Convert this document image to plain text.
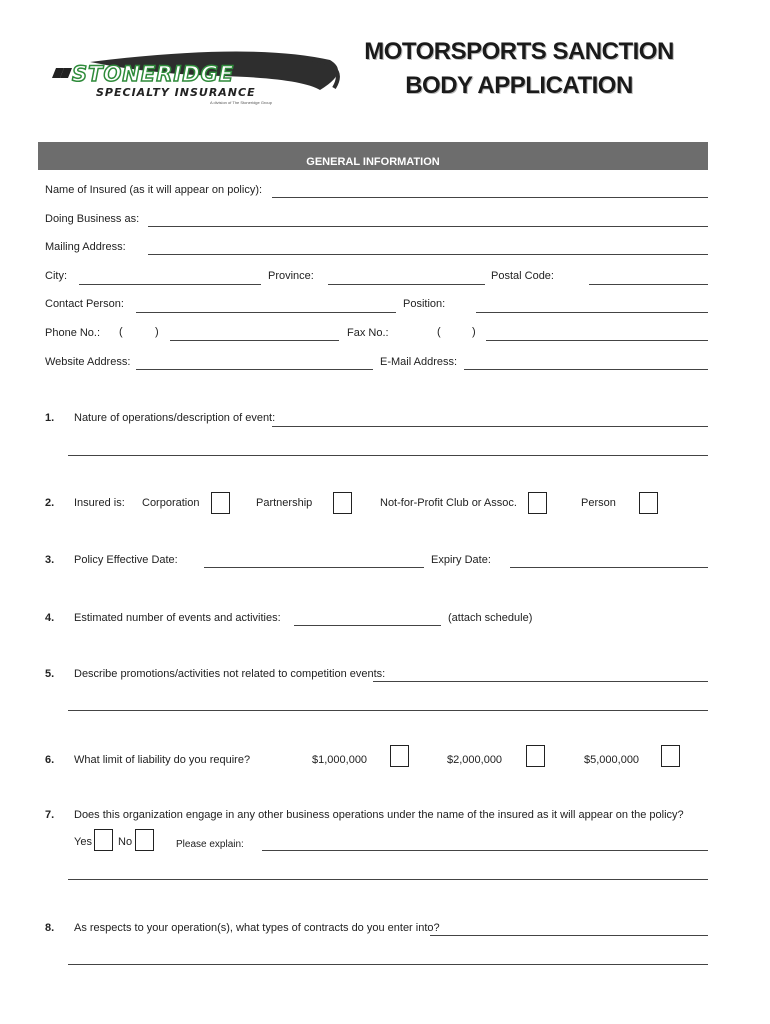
STONERIDGE
SPECIALTY INSURANCE
A division of The Stoneridge Group
MOTORSPORTS SANCTION
BODY APPLICATION
GENERAL INFORMATION
Name of Insured (as it will appear on policy):
Doing Business as:
Mailing Address:
City:	Province:	Postal Code:
Contact Person:	Position:
Phone No.: (	)	Fax No.:	(	)
Website Address:	E-Mail Address:
1. Nature of operations/description of event:
2. Insured is: Corporation	Partnership	Not-for-Profit Club or Assoc.	Person
3. Policy Effective Date:	Expiry Date:
4. Estimated number of events and activities:	(attach schedule)
5. Describe promotions/activities not related to competition events:
6. What limit of liability do you require?	$1,000,000	$2,000,000	$5,000,000
7. Does this organization engage in any other business operations under the name of the insured as it will appear on the policy?
Yes No	Please explain:
8. As respects to your operation(s), what types of contracts do you enter into?
